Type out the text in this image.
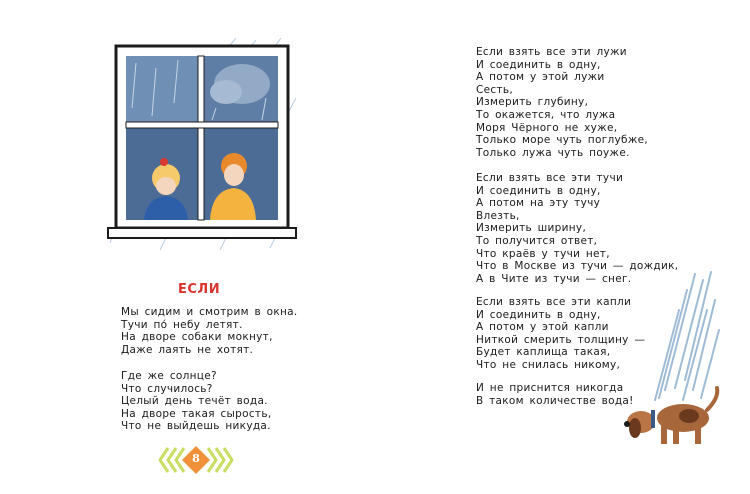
ЕСЛИ
Мы сидим и смотрим в окна.
Тучи по́ небу летят.
На дворе собаки мокнут,
Даже лаять не хотят.
Где же солнце?
Что случилось?
Целый день течёт вода.
На дворе такая сырость,
Что не выйдешь никуда.
Если взять все эти лужи
И соединить в одну,
А потом у этой лужи
Сесть,
Измерить глубину,
То окажется, что лужа
Моря Чёрного не хуже,
Только море чуть поглубже,
Только лужа чуть поуже.
Если взять все эти тучи
И соединить в одну,
А потом на эту тучу
Влезть,
Измерить ширину,
То получится ответ,
Что краёв у тучи нет,
Что в Москве из тучи — дождик,
А в Чите из тучи — снег.
Если взять все эти капли
И соединить в одну,
А потом у этой капли
Ниткой смерить толщину —
Будет каплища такая,
Что не снилась никому,
И не приснится никогда
В таком количестве вода!
8
